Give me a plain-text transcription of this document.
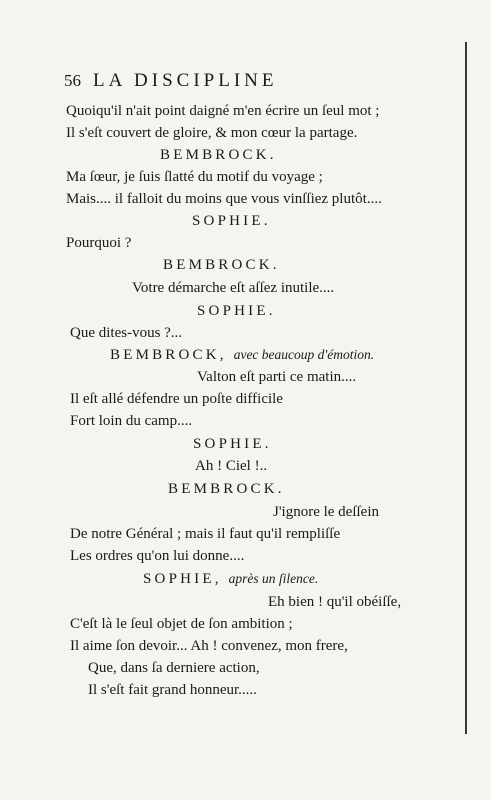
56 LA DISCIPLINE
Quoiqu'il n'ait point daigné m'en écrire un ſeul mot ;
Il s'eſt couvert de gloire, & mon cœur la partage.
BEMBROCK.
Ma ſœur, je ſuis ſlatté du motif du voyage ;
Mais.... il falloit du moins que vous vinſſiez plutôt....
SOPHIE.
Pourquoi ?
BEMBROCK.
Votre démarche eſt aſſez inutile....
SOPHIE.
Que dites-vous ?...
BEMBROCK, avec beaucoup d'émotion.
Valton eſt parti ce matin....
Il eſt allé défendre un poſte difficile
Fort loin du camp....
SOPHIE.
Ah ! Ciel !..
BEMBROCK.
J'ignore le deſſein
De notre Général ; mais il faut qu'il rempliſſe
Les ordres qu'on lui donne....
SOPHIE, après un ſilence.
Eh bien ! qu'il obéiſſe,
C'eſt là le ſeul objet de ſon ambition ;
Il aime ſon devoir... Ah ! convenez, mon frere,
Que, dans ſa derniere action,
Il s'eſt fait grand honneur.....
